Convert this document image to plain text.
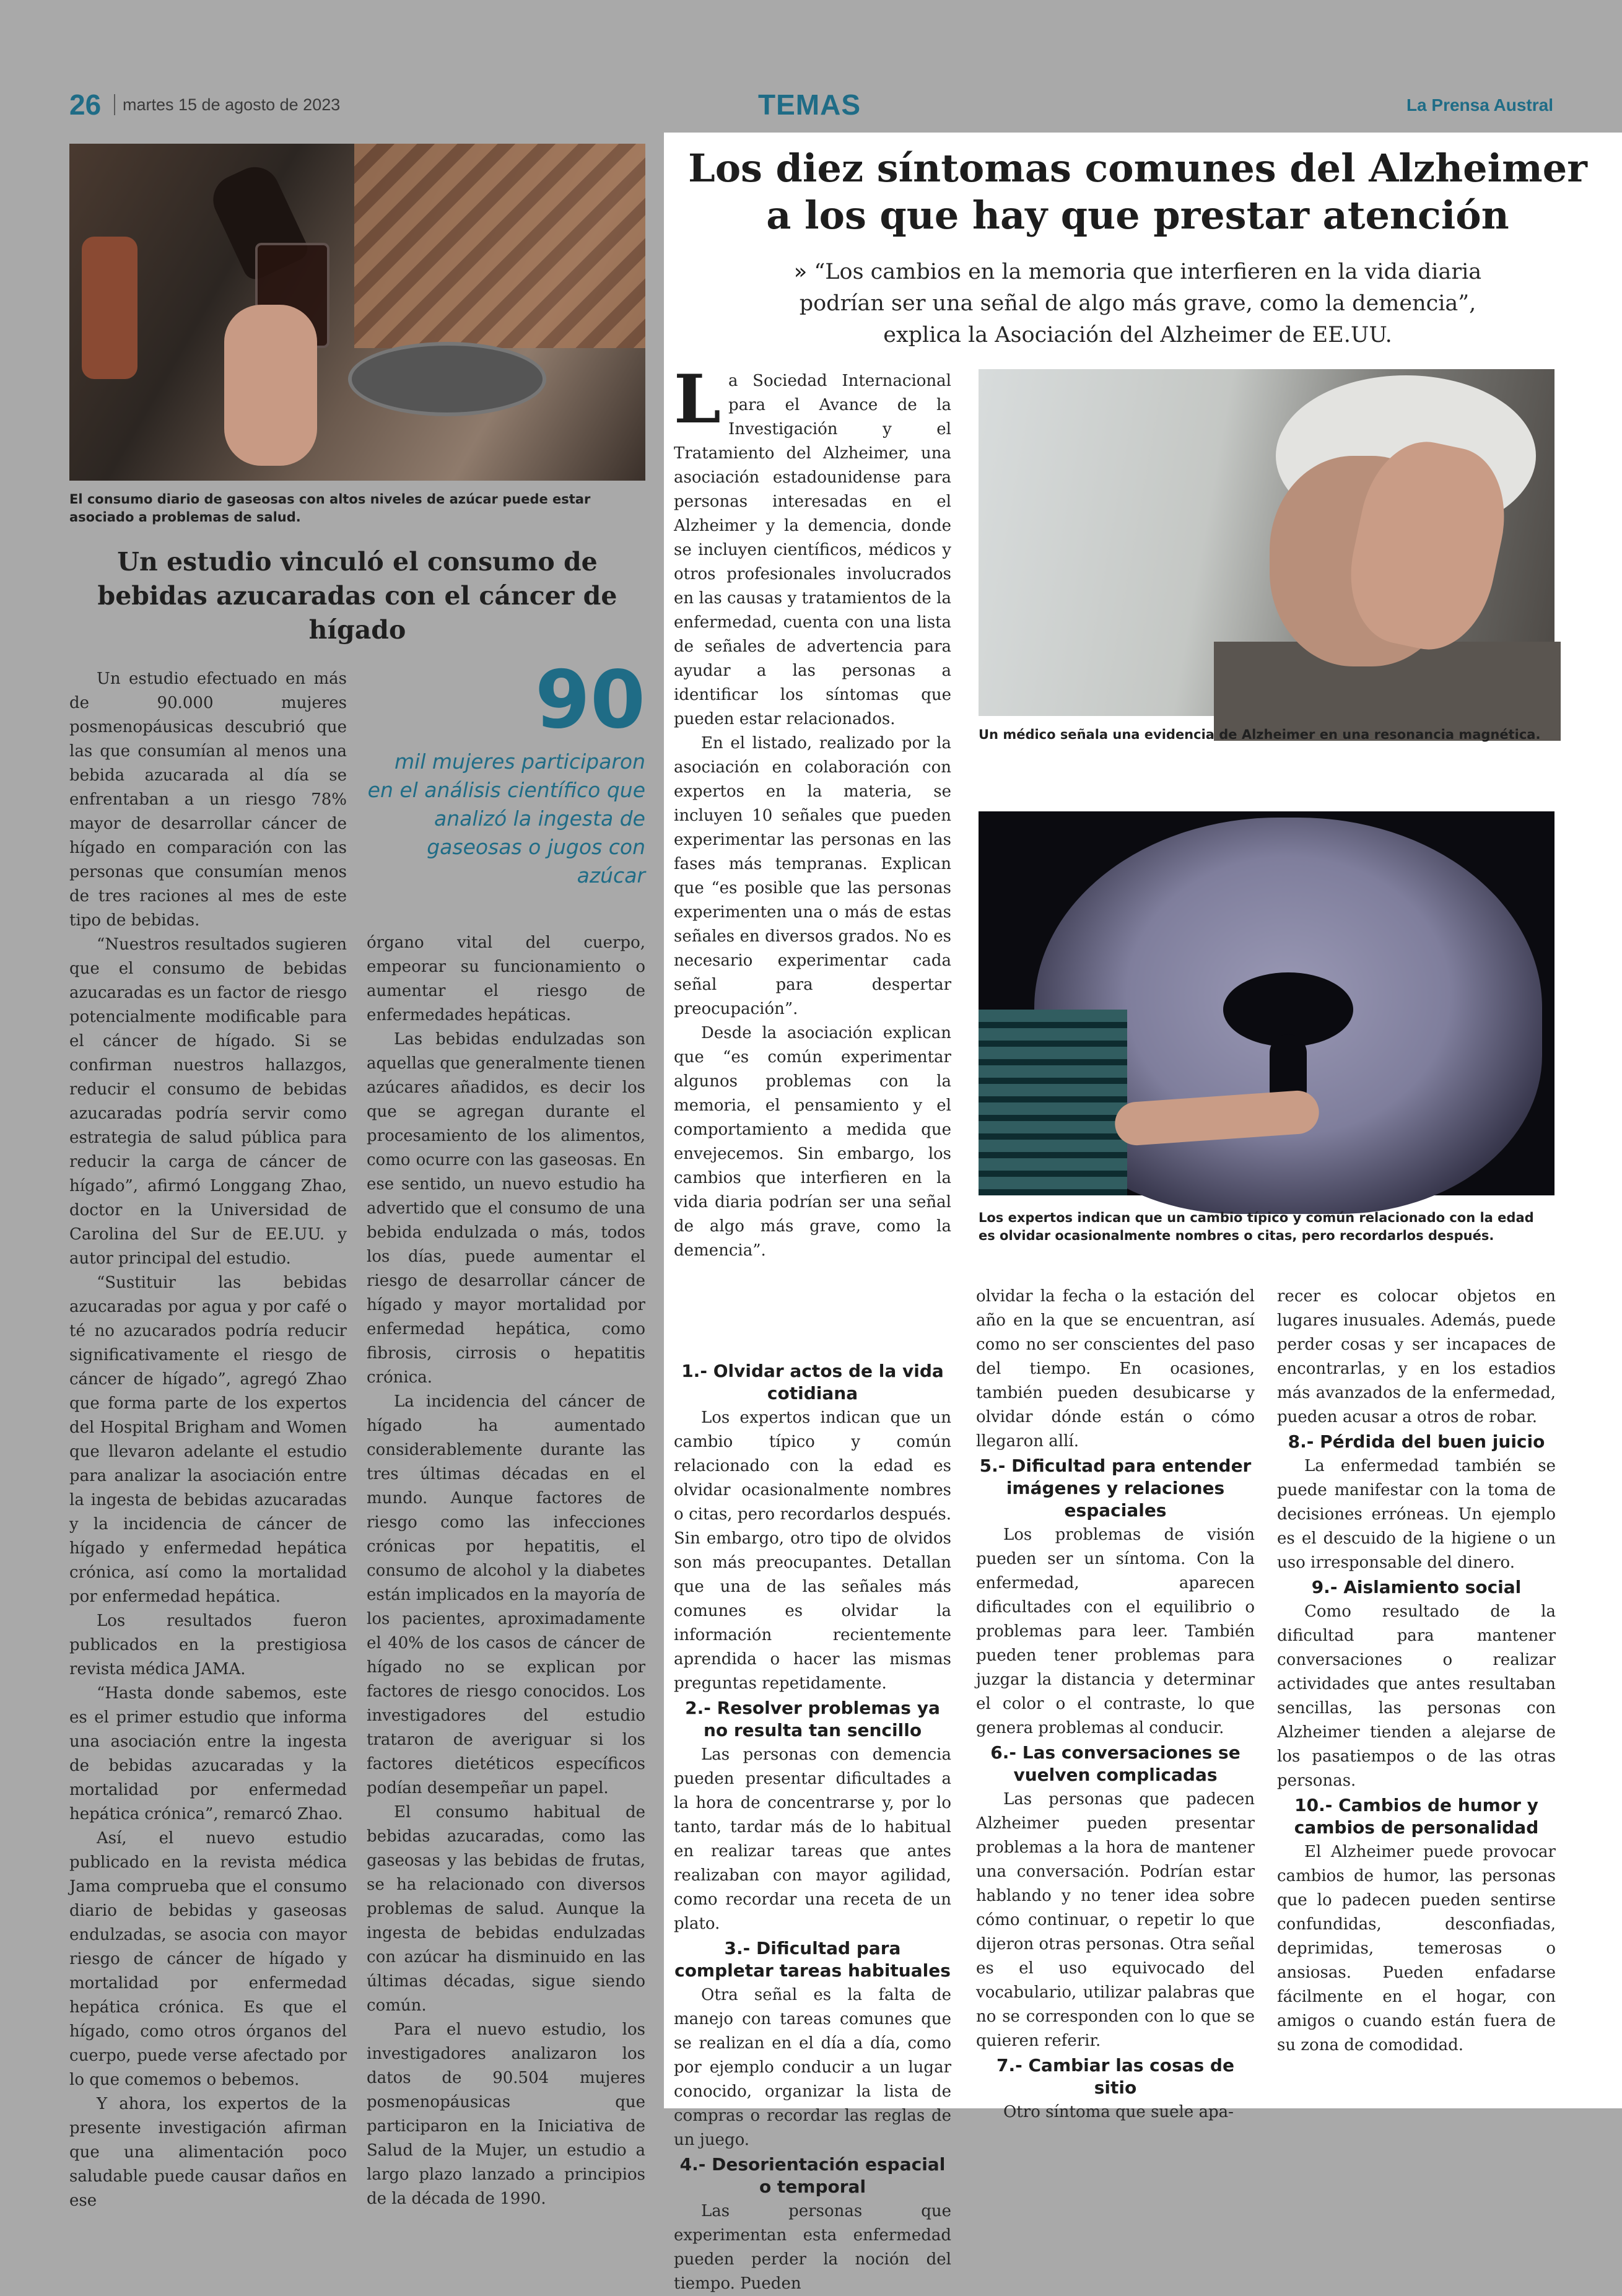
26 martes 15 de agosto de 2023	TEMAS	La Prensa Austral
El consumo diario de gaseosas con altos niveles de azúcar puede estar asociado a problemas de salud.
Un estudio vinculó el consumo de bebidas azucaradas con el cáncer de hígado

Un estudio efectuado en más de 90.000 mujeres posmenopáusicas descubrió que las que consumían al menos una bebida azucarada al día se enfrentaban a un riesgo 78% mayor de desarrollar cáncer de hígado en comparación con las personas que consumían menos de tres raciones al mes de este tipo de bebidas.

“Nuestros resultados sugieren que el consumo de bebidas azucaradas es un factor de riesgo potencialmente modificable para el cáncer de hígado. Si se confirman nuestros hallazgos, reducir el consumo de bebidas azucaradas podría servir como estrategia de salud pública para reducir la carga de cáncer de hígado”, afirmó Longgang Zhao, doctor en la Universidad de Carolina del Sur de EE.UU. y autor principal del estudio.

“Sustituir las bebidas azucaradas por agua y por café o té no azucarados podría reducir significativamente el riesgo de cáncer de hígado”, agregó Zhao que forma parte de los expertos del Hospital Brigham and Women que llevaron adelante el estudio para analizar la asociación entre la ingesta de bebidas azucaradas y la incidencia de cáncer de hígado y enfermedad hepática crónica, así como la mortalidad por enfermedad hepática.

Los resultados fueron publicados en la prestigiosa revista médica JAMA.

“Hasta donde sabemos, este es el primer estudio que informa una asociación entre la ingesta de bebidas azucaradas y la mortalidad por enfermedad hepática crónica”, remarcó Zhao.

Así, el nuevo estudio publicado en la revista médica Jama comprueba que el consumo diario de bebidas y gaseosas endulzadas, se asocia con mayor riesgo de cáncer de hígado y mortalidad por enfermedad hepática crónica. Es que el hígado, como otros órganos del cuerpo, puede verse afectado por lo que comemos o bebemos.

Y ahora, los expertos de la presente investigación afirman que una alimentación poco saludable puede causar daños en ese

90
mil mujeres participaron en el análisis científico que analizó la ingesta de gaseosas o jugos con azúcar

órgano vital del cuerpo, empeorar su funcionamiento o aumentar el riesgo de enfermedades hepáticas.

Las bebidas endulzadas son aquellas que generalmente tienen azúcares añadidos, es decir los que se agregan durante el procesamiento de los alimentos, como ocurre con las gaseosas. En ese sentido, un nuevo estudio ha advertido que el consumo de una bebida endulzada o más, todos los días, puede aumentar el riesgo de desarrollar cáncer de hígado y mayor mortalidad por enfermedad hepática, como fibrosis, cirrosis o hepatitis crónica.

La incidencia del cáncer de hígado ha aumentado considerablemente durante las tres últimas décadas en el mundo. Aunque factores de riesgo como las infecciones crónicas por hepatitis, el consumo de alcohol y la diabetes están implicados en la mayoría de los pacientes, aproximadamente el 40% de los casos de cáncer de hígado no se explican por factores de riesgo conocidos. Los investigadores del estudio trataron de averiguar si los factores dietéticos específicos podían desempeñar un papel.

El consumo habitual de bebidas azucaradas, como las gaseosas y las bebidas de frutas, se ha relacionado con diversos problemas de salud. Aunque la ingesta de bebidas endulzadas con azúcar ha disminuido en las últimas décadas, sigue siendo común.

Para el nuevo estudio, los investigadores analizaron los datos de 90.504 mujeres posmenopáusicas que participaron en la Iniciativa de Salud de la Mujer, un estudio a largo plazo lanzado a principios de la década de 1990.

Los diez síntomas comunes del Alzheimer
a los que hay que prestar atención
» “Los cambios en la memoria que interfieren en la vida diaria podrían ser una señal de algo más grave, como la demencia”, explica la Asociación del Alzheimer de EE.UU.

La Sociedad Internacional para el Avance de la Investigación y el Tratamiento del Alzheimer, una asociación estadounidense para personas interesadas en el Alzheimer y la demencia, donde se incluyen científicos, médicos y otros profesionales involucrados en las causas y tratamientos de la enfermedad, cuenta con una lista de señales de advertencia para ayudar a las personas a identificar los síntomas que pueden estar relacionados.

En el listado, realizado por la asociación en colaboración con expertos en la materia, se incluyen 10 señales que pueden experimentar las personas en las fases más tempranas. Explican que “es posible que las personas experimenten una o más de estas señales en diversos grados. No es necesario experimentar cada señal para despertar preocupación”.

Desde la asociación explican que “es común experimentar algunos problemas con la memoria, el pensamiento y el comportamiento a medida que envejecemos. Sin embargo, los cambios que interfieren en la vida diaria podrían ser una señal de algo más grave, como la demencia”.

Un médico señala una evidencia de Alzheimer en una resonancia magnética.
Los expertos indican que un cambio típico y común relacionado con la edad es olvidar ocasionalmente nombres o citas, pero recordarlos después.
1.- Olvidar actos de la vida cotidiana

Los expertos indican que un cambio típico y común relacionado con la edad es olvidar ocasionalmente nombres o citas, pero recordarlos después. Sin embargo, otro tipo de olvidos son más preocupantes. Detallan que una de las señales más comunes es olvidar la información recientemente aprendida o hacer las mismas preguntas repetidamente.

2.- Resolver problemas ya no resulta tan sencillo

Las personas con demencia pueden presentar dificultades a la hora de concentrarse y, por lo tanto, tardar más de lo habitual en realizar tareas que antes realizaban con mayor agilidad, como recordar una receta de un plato.

3.- Dificultad para completar tareas habituales

Otra señal es la falta de manejo con tareas comunes que se realizan en el día a día, como por ejemplo conducir a un lugar conocido, organizar la lista de compras o recordar las reglas de un juego.

4.- Desorientación espacial o temporal

Las personas que experimentan esta enfermedad pueden perder la noción del tiempo. Pueden

olvidar la fecha o la estación del año en la que se encuentran, así como no ser conscientes del paso del tiempo. En ocasiones, también pueden desubicarse y olvidar dónde están o cómo llegaron allí.

5.- Dificultad para entender imágenes y relaciones espaciales

Los problemas de visión pueden ser un síntoma. Con la enfermedad, aparecen dificultades con el equilibrio o problemas para leer. También pueden tener problemas para juzgar la distancia y determinar el color o el contraste, lo que genera problemas al conducir.

6.- Las conversaciones se vuelven complicadas

Las personas que padecen Alzheimer pueden presentar problemas a la hora de mantener una conversación. Podrían estar hablando y no tener idea sobre cómo continuar, o repetir lo que dijeron otras personas. Otra señal es el uso equivocado del vocabulario, utilizar palabras que no se corresponden con lo que se quieren referir.

7.- Cambiar las cosas de sitio

Otro síntoma que suele apa-

recer es colocar objetos en lugares inusuales. Además, puede perder cosas y ser incapaces de encontrarlas, y en los estadios más avanzados de la enfermedad, pueden acusar a otros de robar.

8.- Pérdida del buen juicio

La enfermedad también se puede manifestar con la toma de decisiones erróneas. Un ejemplo es el descuido de la higiene o un uso irresponsable del dinero.

9.- Aislamiento social

Como resultado de la dificultad para mantener conversaciones o realizar actividades que antes resultaban sencillas, las personas con Alzheimer tienden a alejarse de los pasatiempos o de las otras personas.

10.- Cambios de humor y cambios de personalidad

El Alzheimer puede provocar cambios de humor, las personas que lo padecen pueden sentirse confundidas, desconfiadas, deprimidas, temerosas o ansiosas. Pueden enfadarse fácilmente en el hogar, con amigos o cuando están fuera de su zona de comodidad.
